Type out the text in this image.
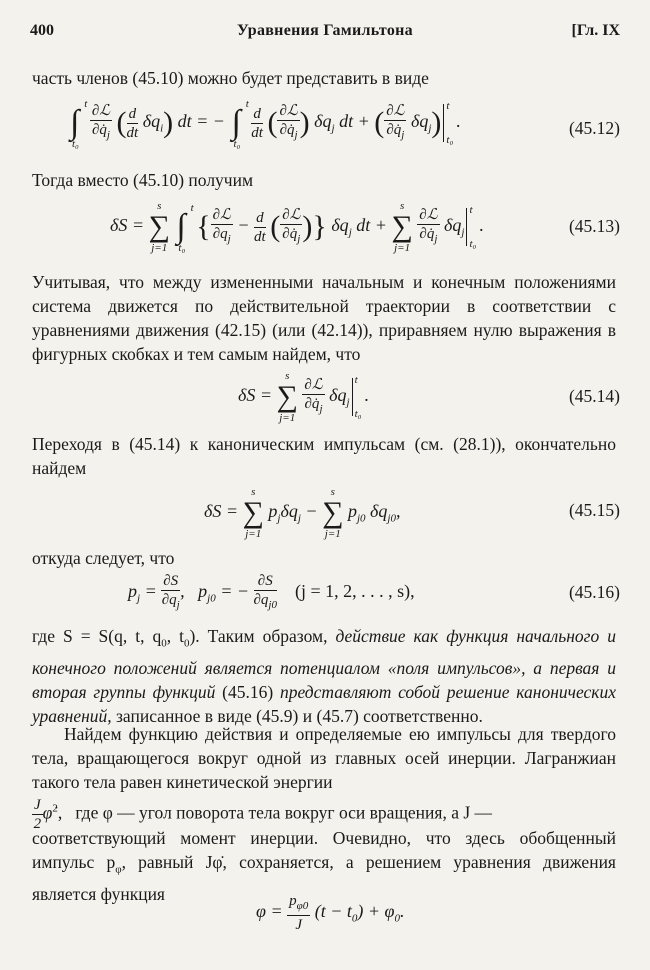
400	Уравнения Гамильтона	[Гл. IX
часть членов (45.10) можно будет представить в виде
∫ t
t₀
$\frac{\text{∂ℒ}}{\partial q̇_j}$ ( $\frac{d}{dt} \delta q_i$) dt = − ∫ t
t₀

$\frac{d}{dt}$ ( $\frac{\text{∂ℒ}}{\partial q̇_j}$ ) $\delta q_j$ dt + ( $\frac{\text{∂ℒ}}{\partial q̇_j} \delta q_j$) t
t₀
.	(45.12)
Тогда вместо (45.10) получим
δS =
s
∑
j=1
∫ t
t₀
{ $\frac{\text{∂ℒ}}{\partial q_j} - \frac{d}{dt}$ ( $\frac{\text{∂ℒ}}{\partial q̇_j}$ )} $\delta q_j$ dt +
s
∑
j=1
$\frac{\text{∂ℒ}}{\partial q̇_j} \delta q_j$
t
t₀
.	(45.13)
Учитывая, что между измененными начальным и конечным положениями система движется по действительной траектории в соответствии с уравнениями движения (42.15) (или (42.14)), приравняем нулю выражения в фигурных скобках и тем самым найдем, что
δS =
s
∑
j=1
$\frac{\text{∂ℒ}}{\partial q̇_j} \delta q_j$
t
t₀
.	(45.14)
Переходя в (45.14) к каноническим импульсам (см. (28.1)), окончательно найдем
δS =
s
∑
j=1
$p_j\delta q_j$ −
s
∑
j=1
$p_{j0}$ $\delta q_{j0}$,	(45.15)
откуда следует, что
$p_j = \frac{\partial S}{\partial q_j}$ ,   $p_{j0}$ = − $\frac{\partial S}{\partial q_{j0}} (j = 1$, 2, . . . , s),	(45.16)
где S = S(q, t, $q_0$, $t_0$). Таким образом, действие как функция начального и конечного положений является потенциалом «поля импульсов», а первая и вторая группы функций (45.16) представляют собой решение канонических уравнений, записанное в виде (45.9) и (45.7) соответственно.
Найдем функцию действия и определяемые ею импульсы для твердого тела, вращающегося вокруг одной из главных осей инерции. Лагранжиан такого тела равен кинетической энергии
$\frac{J}{2}$ φ̇$^2$,   где φ — угол поворота тела вокруг оси вращения, а J —
соответствующий момент инерции. Очевидно, что здесь обобщенный импульс $p_\varphi$, равный Jφ̇, сохраняется, а решением уравнения движения является функция
$\varphi = \frac{p_{\varphi 0}}{J} (t - t_0) + \varphi_0$.
